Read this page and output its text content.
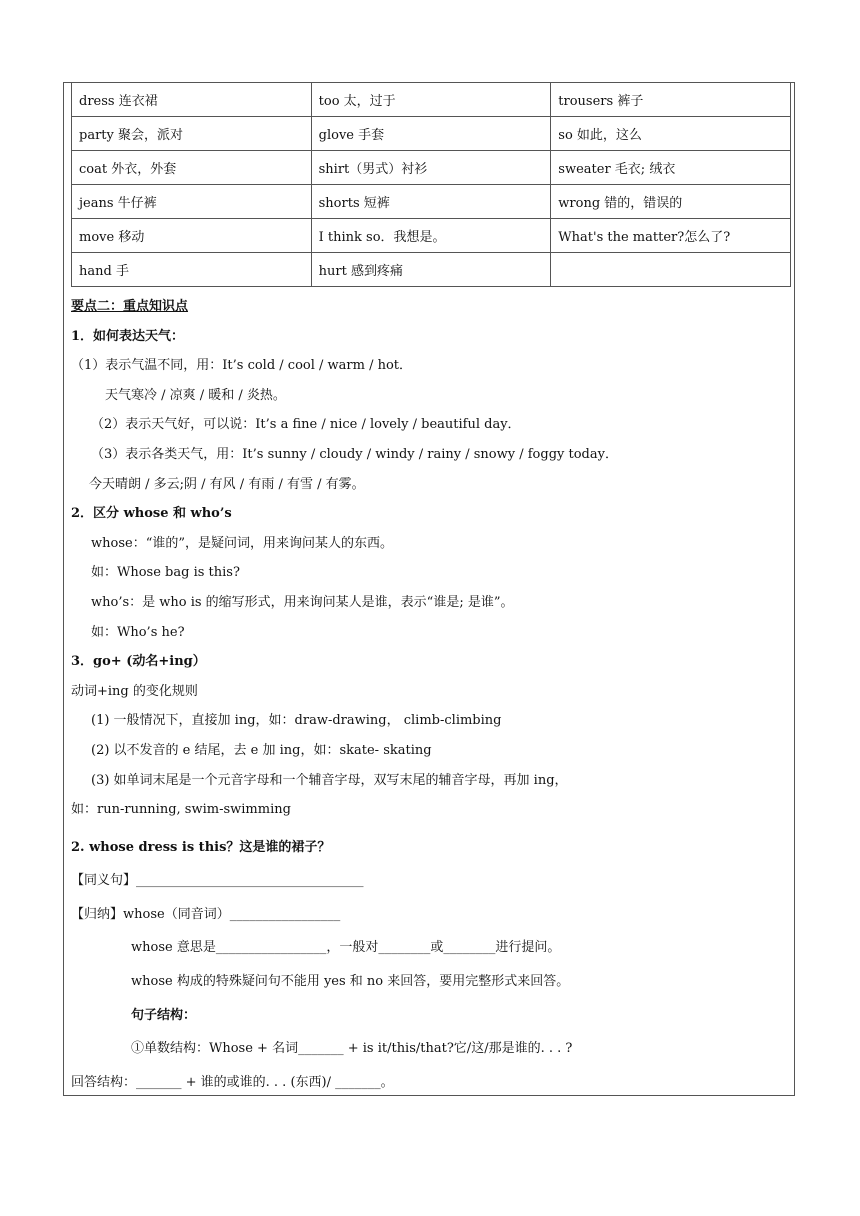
dress 连衣裙	too 太，过于	trousers 裤子
party 聚会，派对	glove 手套	so 如此，这么
coat 外衣，外套	shirt（男式）衬衫	sweater 毛衣; 绒衣
jeans 牛仔裤	shorts 短裤	wrong 错的，错误的
move 移动	I think so．我想是。	What's the matter?怎么了?
hand 手	hurt 感到疼痛	
要点二：重点知识点
1．如何表达天气：
（1）表示气温不同，用：It’s cold / cool / warm / hot．
天气寒冷 / 凉爽 / 暖和 / 炎热。
（2）表示天气好，可以说：It’s a fine / nice / lovely / beautiful day．
（3）表示各类天气，用：It’s sunny / cloudy / windy / rainy / snowy / foggy today．
今天晴朗 / 多云;阴 / 有风 / 有雨 / 有雪 / 有雾。
2．区分 whose 和 who’s
whose：“谁的”，是疑问词，用来询问某人的东西。
如：Whose bag is this?
who’s：是 who is 的缩写形式，用来询问某人是谁，表示“谁是; 是谁”。
如：Who’s he?
3．go+ (动名+ing）
动词+ing 的变化规则
(1) 一般情况下，直接加 ing，如：draw-drawing， climb-climbing
(2) 以不发音的 e 结尾，去 e 加 ing，如：skate- skating
(3) 如单词末尾是一个元音字母和一个辅音字母，双写末尾的辅音字母，再加 ing，
如：run-running, swim-swimming
2. whose dress is this？这是谁的裙子？
【同义句】___________________________________
【归纳】whose（同音词）_________________
whose 意思是_________________，一般对________或________进行提问。
whose 构成的特殊疑问句不能用 yes 和 no 来回答，要用完整形式来回答。
句子结构：
①单数结构：Whose + 名词_______ + is it/this/that?它/这/那是谁的. . . ?
回答结构：_______ + 谁的或谁的. . . (东西)/ _______。
